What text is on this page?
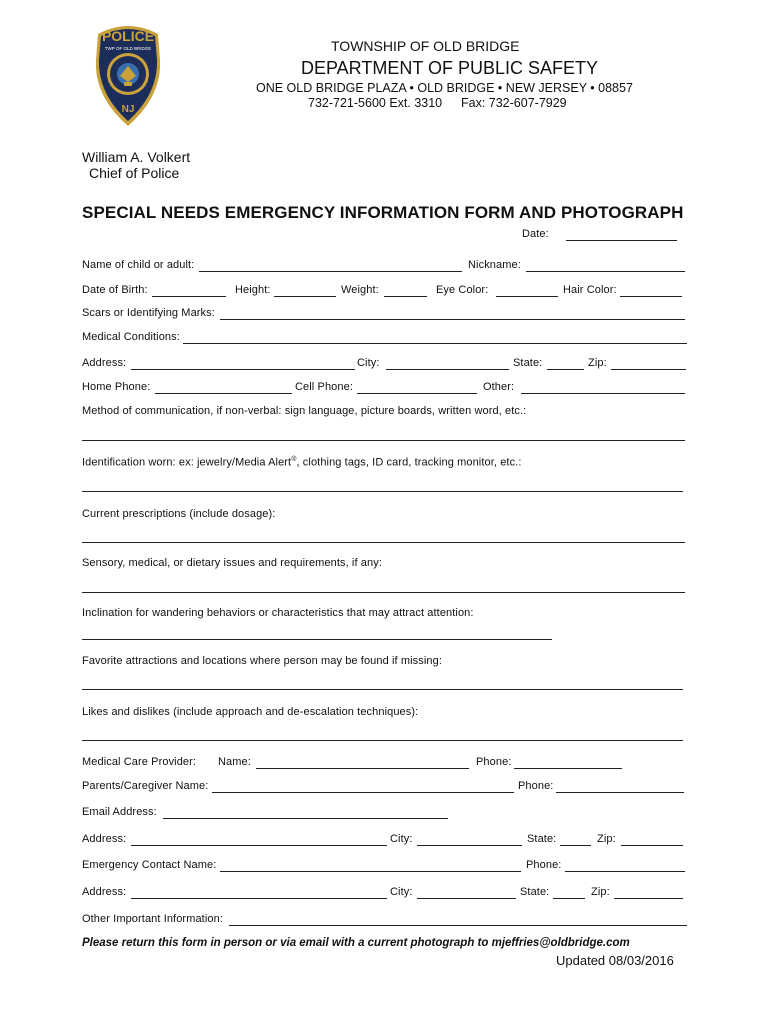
POLICE
TWP OF OLD BRIDGE
NJ
TOWNSHIP OF OLD BRIDGE
DEPARTMENT OF PUBLIC SAFETY
ONE OLD BRIDGE PLAZA • OLD BRIDGE • NEW JERSEY • 08857
732-721-5600 Ext. 3310 Fax: 732-607-7929
William A. Volkert
Chief of Police
SPECIAL NEEDS EMERGENCY INFORMATION FORM AND PHOTOGRAPH
Date:
Name of child or adult:	Nickname:
Date of Birth:	Height:	Weight:	Eye Color:	Hair Color:
Scars or Identifying Marks:
Medical Conditions:
Address:	City:	State:	Zip:
Home Phone:	Cell Phone:	Other:
Method of communication, if non-verbal: sign language, picture boards, written word, etc.:
Identification worn: ex: jewelry/Media Alert®, clothing tags, ID card, tracking monitor, etc.:
Current prescriptions (include dosage):
Sensory, medical, or dietary issues and requirements, if any:
Inclination for wandering behaviors or characteristics that may attract attention:
Favorite attractions and locations where person may be found if missing:
Likes and dislikes (include approach and de-escalation techniques):
Medical Care Provider: Name:	Phone:
Parents/Caregiver Name:	Phone:
Email Address:
Address:	City:	State:	Zip:
Emergency Contact Name:	Phone:
Address:	City:	State:	Zip:
Other Important Information:
Please return this form in person or via email with a current photograph to mjeffries@oldbridge.com
Updated 08/03/2016
